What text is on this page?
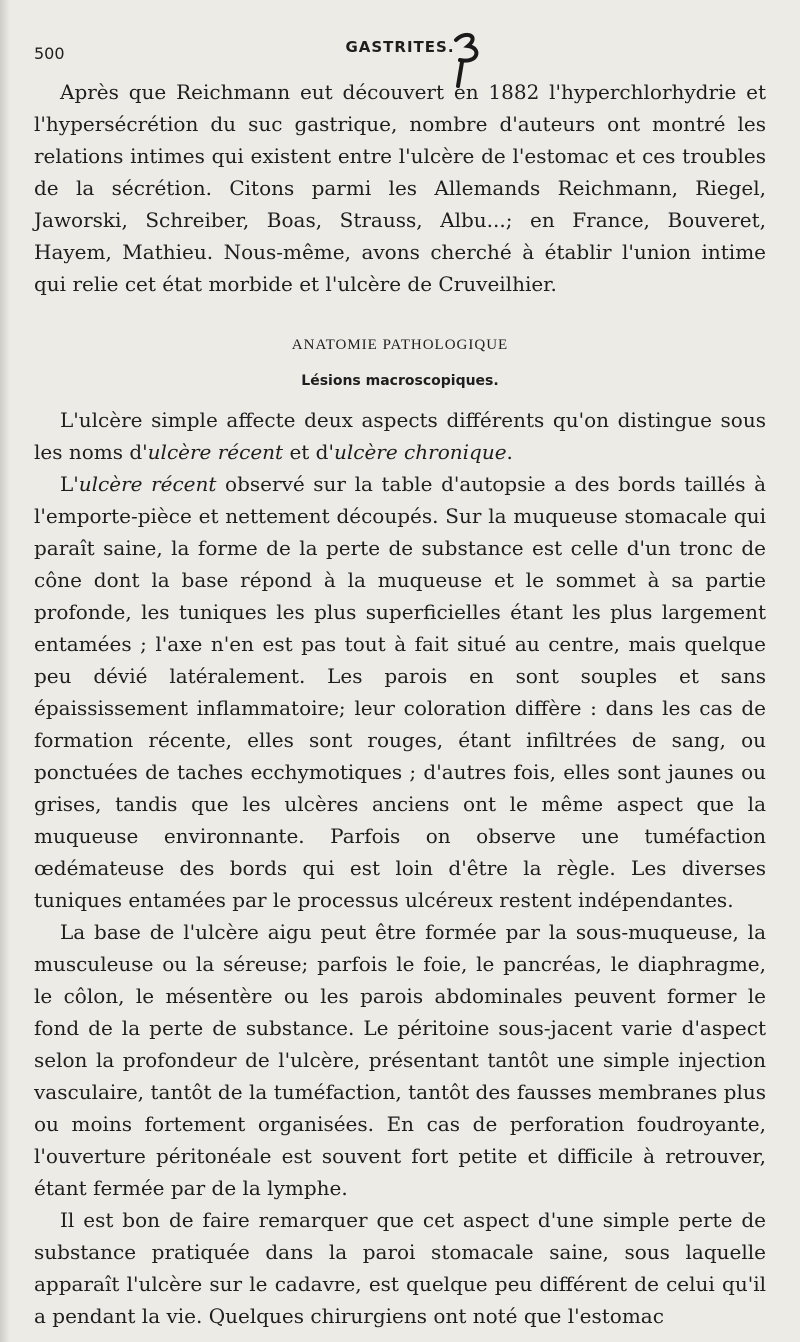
500	GASTRITES.

Après que Reichmann eut découvert en 1882 l'hyperchlorhydrie et l'hypersécrétion du suc gastrique, nombre d'auteurs ont montré les relations intimes qui existent entre l'ulcère de l'estomac et ces troubles de la sécrétion. Citons parmi les Allemands Reichmann, Riegel, Jaworski, Schreiber, Boas, Strauss, Albu...; en France, Bouveret, Hayem, Mathieu. Nous-même, avons cherché à établir l'union intime qui relie cet état morbide et l'ulcère de Cruveilhier.

ANATOMIE PATHOLOGIQUE
Lésions macroscopiques.

L'ulcère simple affecte deux aspects différents qu'on distingue sous les noms d'ulcère récent et d'ulcère chronique.

L'ulcère récent observé sur la table d'autopsie a des bords taillés à l'emporte-pièce et nettement découpés. Sur la muqueuse stomacale qui paraît saine, la forme de la perte de substance est celle d'un tronc de cône dont la base répond à la muqueuse et le sommet à sa partie profonde, les tuniques les plus superficielles étant les plus largement entamées ; l'axe n'en est pas tout à fait situé au centre, mais quelque peu dévié latéralement. Les parois en sont souples et sans épaississement inflammatoire; leur coloration diffère : dans les cas de formation récente, elles sont rouges, étant infiltrées de sang, ou ponctuées de taches ecchymotiques ; d'autres fois, elles sont jaunes ou grises, tandis que les ulcères anciens ont le même aspect que la muqueuse environnante. Parfois on observe une tuméfaction œdémateuse des bords qui est loin d'être la règle. Les diverses tuniques entamées par le processus ulcéreux restent indépendantes.

La base de l'ulcère aigu peut être formée par la sous-muqueuse, la musculeuse ou la séreuse; parfois le foie, le pancréas, le diaphragme, le côlon, le mésentère ou les parois abdominales peuvent former le fond de la perte de substance. Le péritoine sous-jacent varie d'aspect selon la profondeur de l'ulcère, présentant tantôt une simple injection vasculaire, tantôt de la tuméfaction, tantôt des fausses membranes plus ou moins fortement organisées. En cas de perforation foudroyante, l'ouverture péritonéale est souvent fort petite et difficile à retrouver, étant fermée par de la lymphe.

Il est bon de faire remarquer que cet aspect d'une simple perte de substance pratiquée dans la paroi stomacale saine, sous laquelle apparaît l'ulcère sur le cadavre, est quelque peu différent de celui qu'il a pendant la vie. Quelques chirurgiens ont noté que l'estomac
